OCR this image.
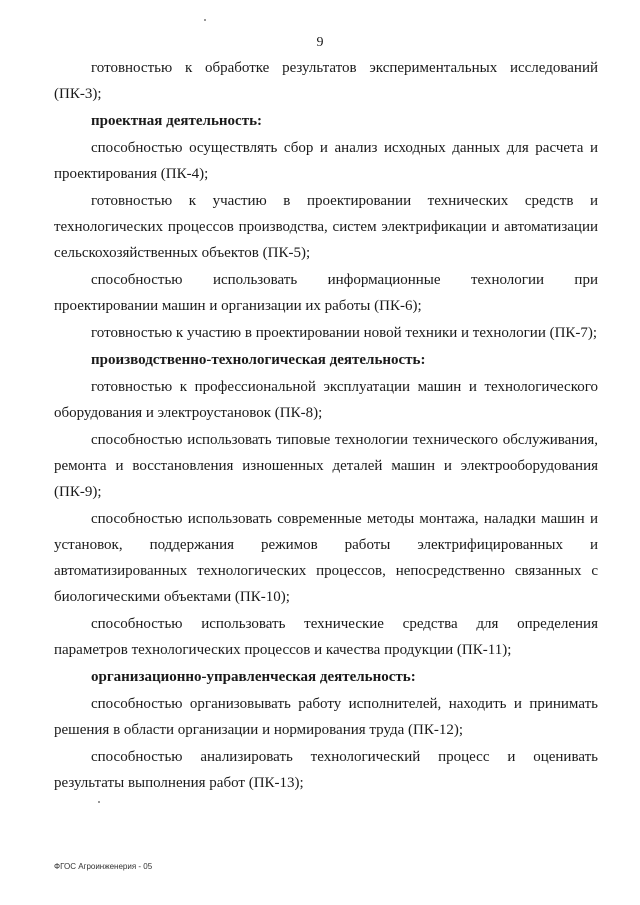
9

готовностью к обработке результатов экспериментальных исследований (ПК-3);

проектная деятельность:

способностью осуществлять сбор и анализ исходных данных для расчета и проектирования (ПК-4);

готовностью к участию в проектировании технических средств и технологических процессов производства, систем электрификации и автоматизации сельскохозяйственных объектов (ПК-5);

способностью использовать информационные технологии при проектировании машин и организации их работы (ПК-6);

готовностью к участию в проектировании новой техники и технологии (ПК-7);

производственно-технологическая деятельность:

готовностью к профессиональной эксплуатации машин и технологического оборудования и электроустановок (ПК-8);

способностью использовать типовые технологии технического обслуживания, ремонта и восстановления изношенных деталей машин и электрооборудования (ПК-9);

способностью использовать современные методы монтажа, наладки машин и установок, поддержания режимов работы электрифицированных и автоматизированных технологических процессов, непосредственно связанных с биологическими объектами (ПК-10);

способностью использовать технические средства для определения параметров технологических процессов и качества продукции (ПК-11);

организационно-управленческая деятельность:

способностью организовывать работу исполнителей, находить и принимать решения в области организации и нормирования труда (ПК-12);

способностью анализировать технологический процесс и оценивать результаты выполнения работ (ПК-13);

ФГОС Агроинженерия - 05
